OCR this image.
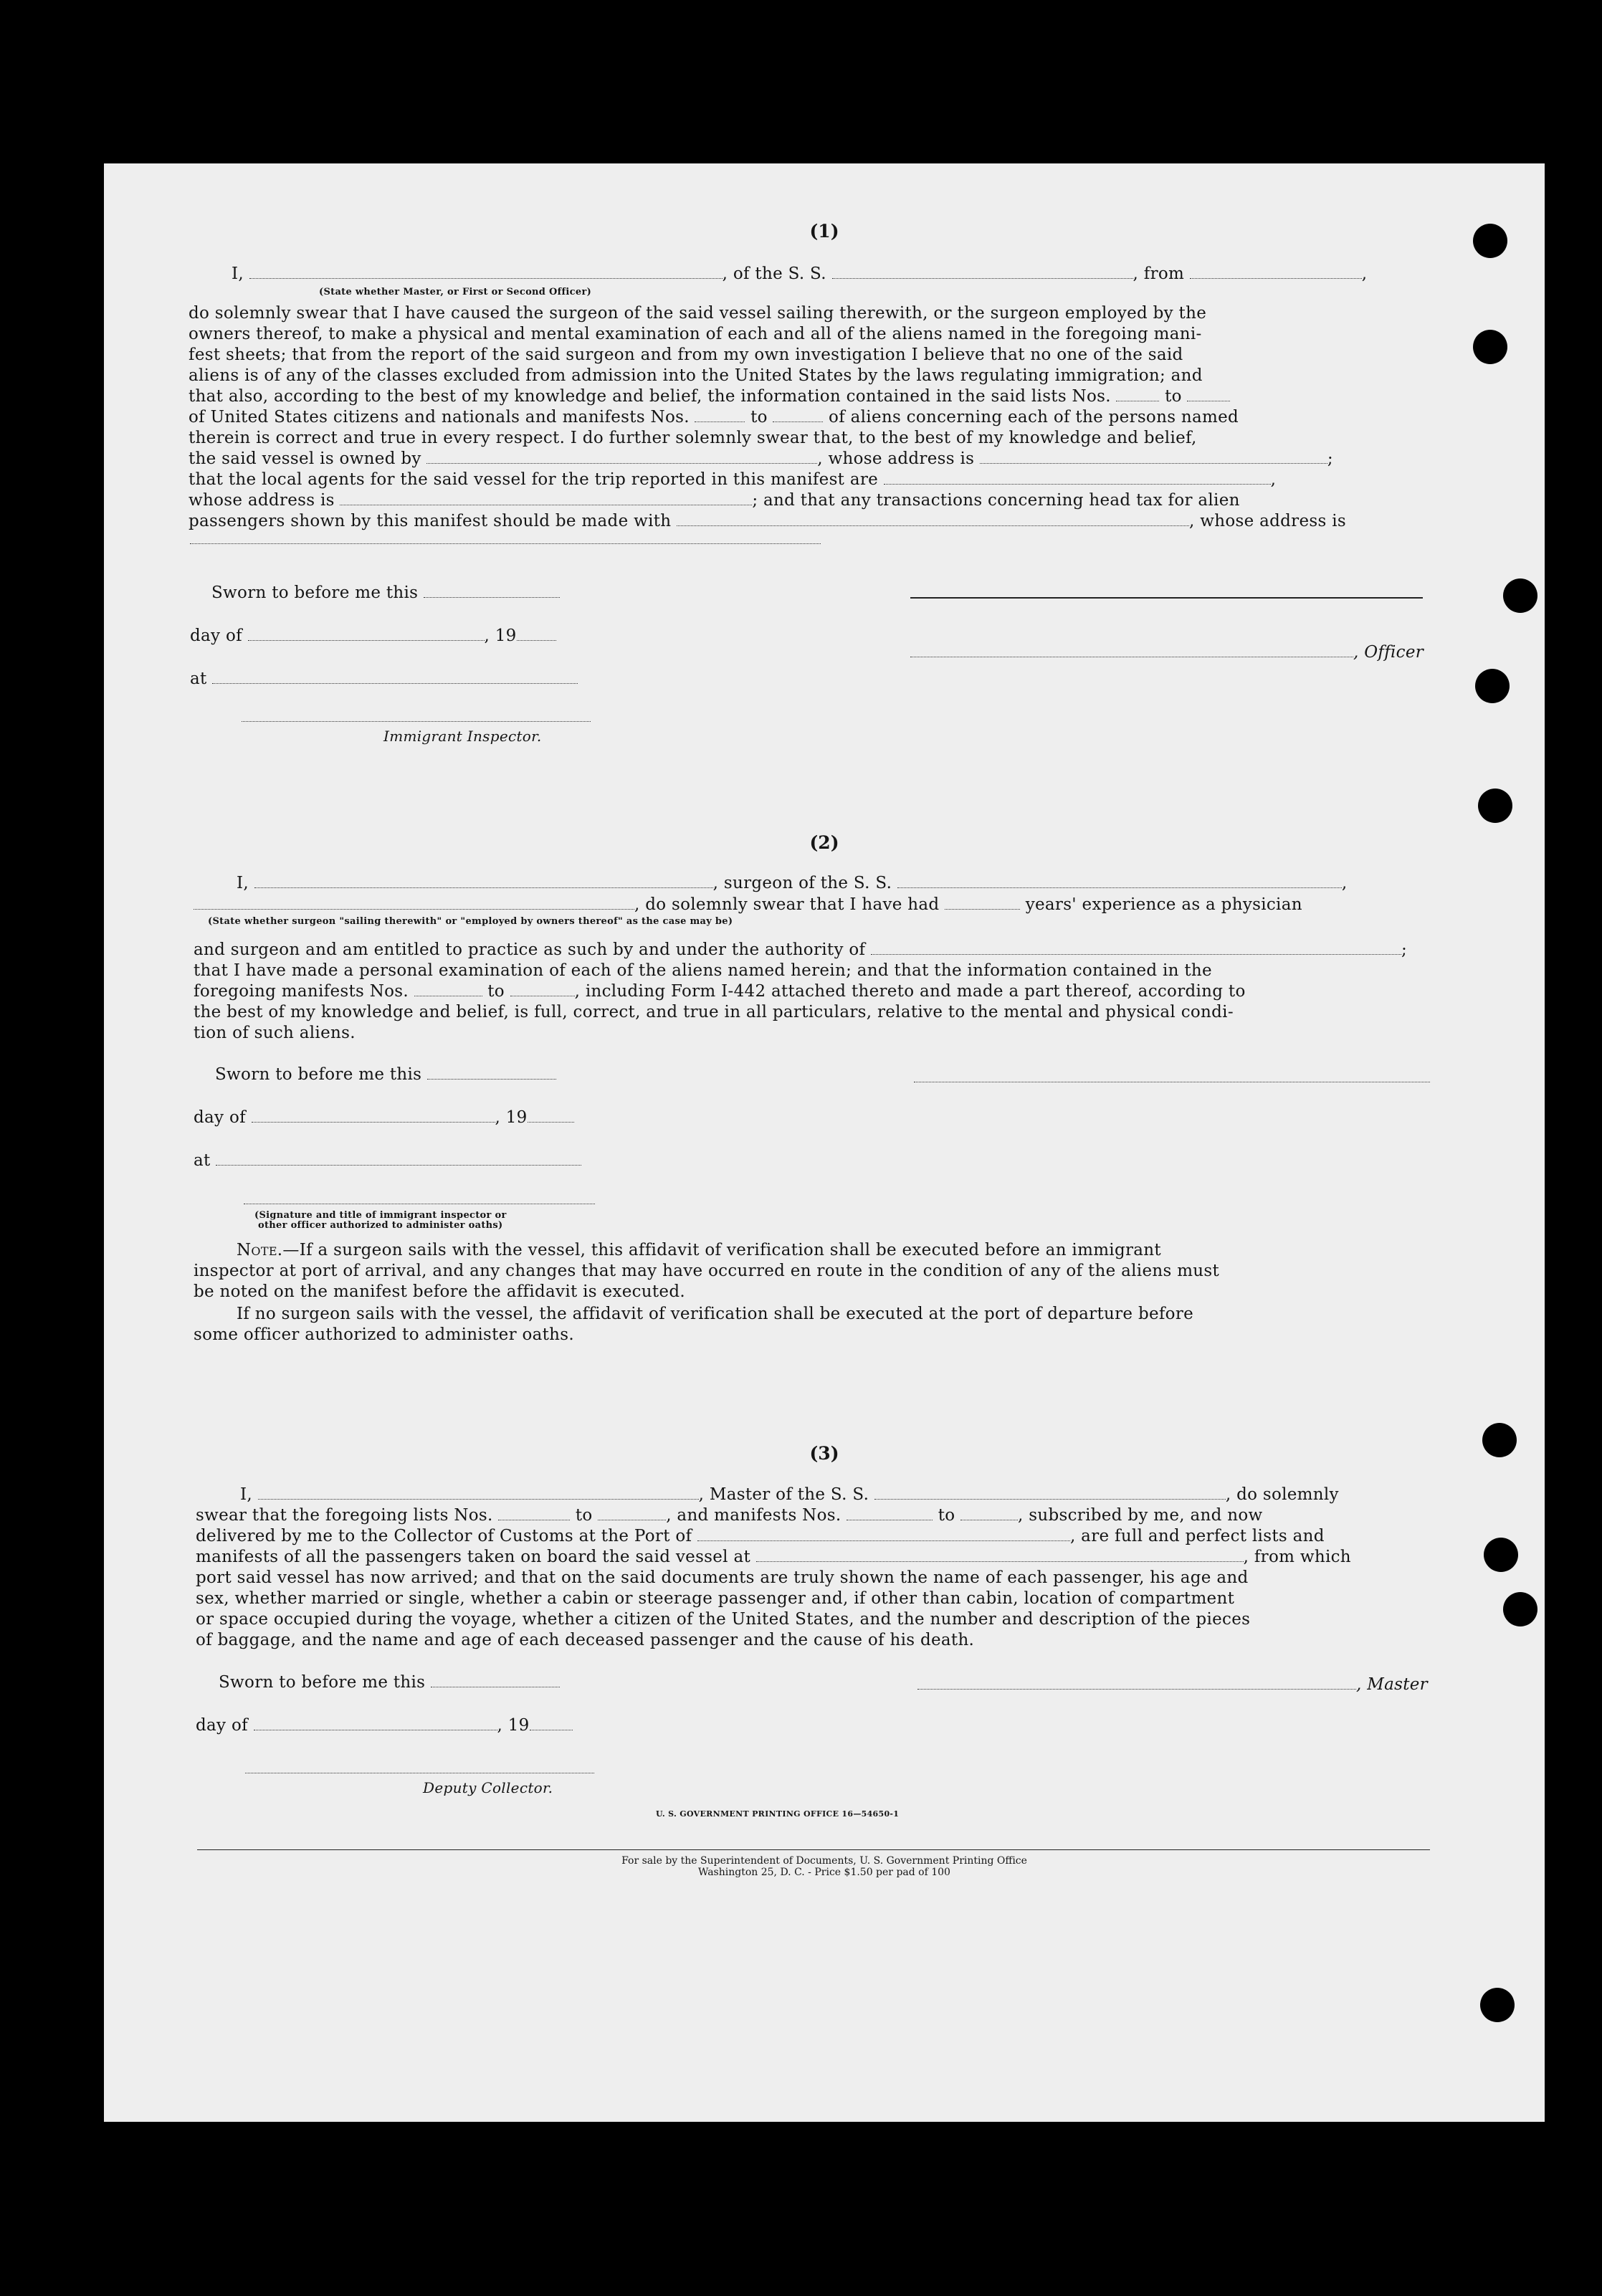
(1)
I,	, of the S. S.	, from	,
(State whether Master, or First or Second Officer)
do solemnly swear that I have caused the surgeon of the said vessel sailing therewith, or the surgeon employed by the
owners thereof, to make a physical and mental examination of each and all of the aliens named in the foregoing mani-
fest sheets; that from the report of the said surgeon and from my own investigation I believe that no one of the said
aliens is of any of the classes excluded from admission into the United States by the laws regulating immigration; and
that also, according to the best of my knowledge and belief, the information contained in the said lists Nos.	to
of United States citizens and nationals and manifests Nos.	to	of aliens concerning each of the persons named
therein is correct and true in every respect. I do further solemnly swear that, to the best of my knowledge and belief,
the said vessel is owned by	, whose address is	;
that the local agents for the said vessel for the trip reported in this manifest are	,
whose address is	; and that any transactions concerning head tax for alien
passengers shown by this manifest should be made with	, whose address is
Sworn to before me this
day of	, 19
at
, Officer
Immigrant Inspector.
(2)
I,	, surgeon of the S. S.	,
, do solemnly swear that I have had	years' experience as a physician
(State whether surgeon "sailing therewith" or "employed by owners thereof" as the case may be)
and surgeon and am entitled to practice as such by and under the authority of	;
that I have made a personal examination of each of the aliens named herein; and that the information contained in the
foregoing manifests Nos.	to	, including Form I-442 attached thereto and made a part thereof, according to
the best of my knowledge and belief, is full, correct, and true in all particulars, relative to the mental and physical condi-
tion of such aliens.
Sworn to before me this
day of	, 19
at
(Signature and title of immigrant inspector or
other officer authorized to administer oaths)
Note.—If a surgeon sails with the vessel, this affidavit of verification shall be executed before an immigrant
inspector at port of arrival, and any changes that may have occurred en route in the condition of any of the aliens must
be noted on the manifest before the affidavit is executed.
If no surgeon sails with the vessel, the affidavit of verification shall be executed at the port of departure before
some officer authorized to administer oaths.
(3)
I,	, Master of the S. S.	, do solemnly
swear that the foregoing lists Nos.	to	, and manifests Nos.	to	, subscribed by me, and now
delivered by me to the Collector of Customs at the Port of	, are full and perfect lists and
manifests of all the passengers taken on board the said vessel at	, from which
port said vessel has now arrived; and that on the said documents are truly shown the name of each passenger, his age and
sex, whether married or single, whether a cabin or steerage passenger and, if other than cabin, location of compartment
or space occupied during the voyage, whether a citizen of the United States, and the number and description of the pieces
of baggage, and the name and age of each deceased passenger and the cause of his death.
Sworn to before me this	, Master
day of	, 19
Deputy Collector.
U. S. GOVERNMENT PRINTING OFFICE 16—54650-1
For sale by the Superintendent of Documents, U. S. Government Printing Office
Washington 25, D. C. - Price $1.50 per pad of 100
